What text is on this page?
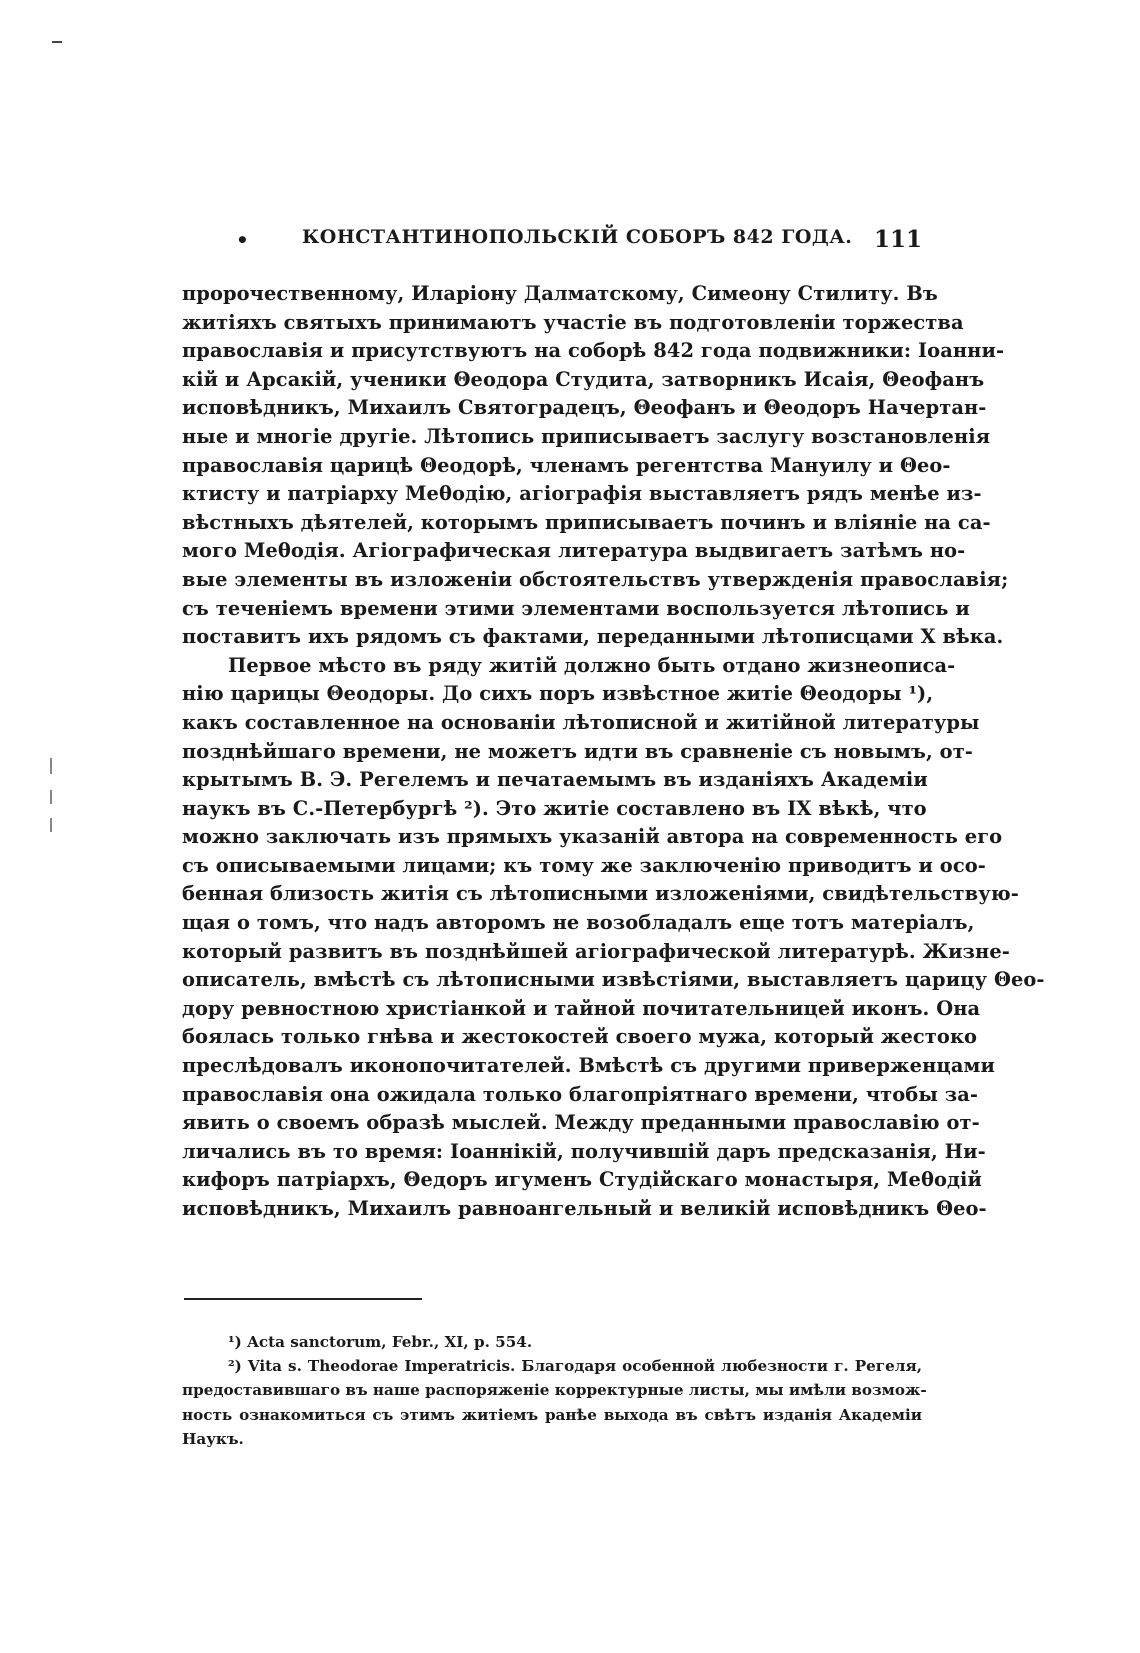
•	КОНСТАНТИНОПОЛЬСКІЙ СОБОРЪ 842 ГОДА. 111
пророчественному, Иларіону Далматскому, Симеону Стилиту. Въ
житіяхъ святыхъ принимаютъ участіе въ подготовленіи торжества
православія и присутствуютъ на соборѣ 842 года подвижники: Іоанни-
кій и Арсакій, ученики Θеодора Студита, затворникъ Исаія, Θеофанъ
исповѣдникъ, Михаилъ Святоградецъ, Θеофанъ и Θеодоръ Начертан-
ные и многіе другіе. Лѣтопись приписываетъ заслугу возстановленія
православія царицѣ Θеодорѣ, членамъ регентства Мануилу и Θео-
ктисту и патріарху Меθодію, агіографія выставляетъ рядъ менѣе из-
вѣстныхъ дѣятелей, которымъ приписываетъ починъ и вліяніе на са-
мого Меθодія. Агіографическая литература выдвигаетъ затѣмъ но-
вые элементы въ изложеніи обстоятельствъ утвержденія православія;
съ теченіемъ времени этими элементами воспользуется лѣтопись и
поставитъ ихъ рядомъ съ фактами, переданными лѣтописцами X вѣка.
Первое мѣсто въ ряду житій должно быть отдано жизнеописа-
нію царицы Θеодоры. До сихъ поръ извѣстное житіе Θеодоры ¹),
какъ составленное на основаніи лѣтописной и житійной литературы
позднѣйшаго времени, не можетъ идти въ сравненіе съ новымъ, от-
крытымъ В. Э. Регелемъ и печатаемымъ въ изданіяхъ Академіи
наукъ въ С.-Петербургѣ ²). Это житіе составлено въ IX вѣкѣ, что
можно заключать изъ прямыхъ указаній автора на современность его
съ описываемыми лицами; къ тому же заключенію приводитъ и осо-
бенная близость житія съ лѣтописными изложеніями, свидѣтельствую-
щая о томъ, что надъ авторомъ не возобладалъ еще тотъ матеріалъ,
который развитъ въ позднѣйшей агіографической литературѣ. Жизне-
описатель, вмѣстѣ съ лѣтописными извѣстіями, выставляетъ царицу Θео-
дору ревностною христіанкой и тайной почитательницей иконъ. Она
боялась только гнѣва и жестокостей своего мужа, который жестоко
преслѣдовалъ иконопочитателей. Вмѣстѣ съ другими приверженцами
православія она ожидала только благопріятнаго времени, чтобы за-
явить о своемъ образѣ мыслей. Между преданными православію от-
личались въ то время: Іоаннікій, получившій даръ предсказанія, Ни-
кифоръ патріархъ, Θедоръ игуменъ Студійскаго монастыря, Меθодій
исповѣдникъ, Михаилъ равноангельный и великій исповѣдникъ Θео-
¹) Acta sanctorum, Febr., XI, p. 554.
²) Vita s. Theodorae Imperatricis. Благодаря особенной любезности г. Регеля,
предоставившаго въ наше распоряженіе корректурные листы, мы имѣли возмож-
ность ознакомиться съ этимъ житіемъ ранѣе выхода въ свѣтъ изданія Академіи
Наукъ.
